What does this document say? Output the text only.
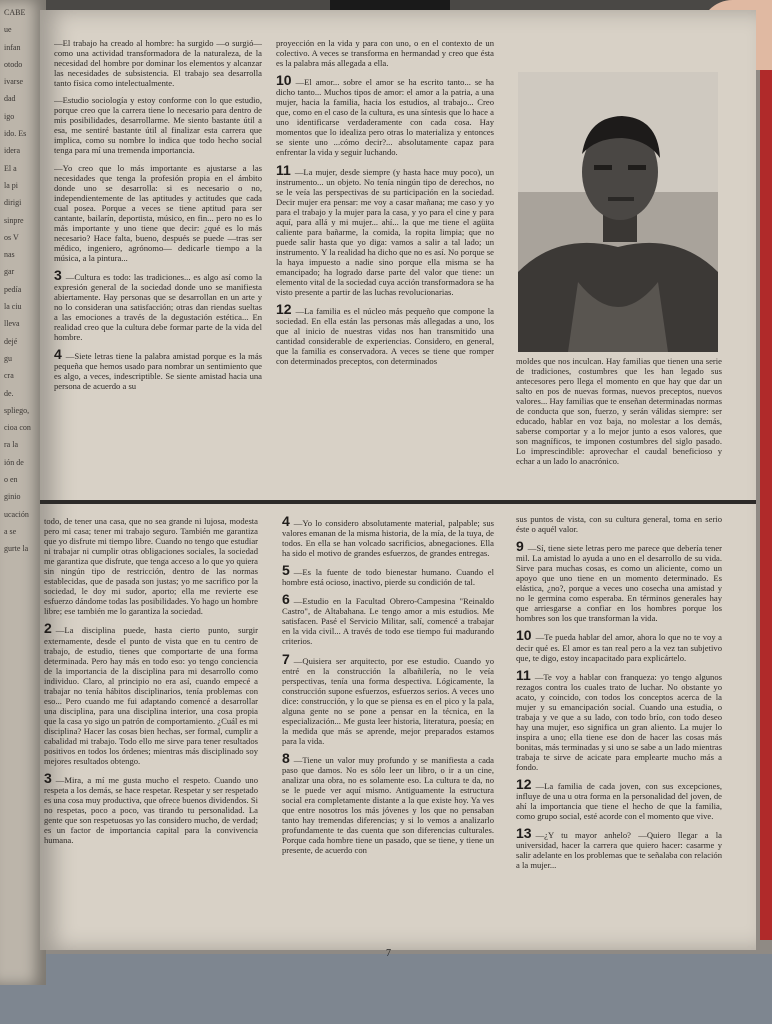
CABE

ue

infan

otodo

ivarse

dad

igo

ido. Es

idera

El a

la pi

dirigi

sinpre

os V

nas

gar

pedía

la ciu

lleva

dejé

gu

cra

de.

spliego,

cioa con

ra la

ión de

o en

ginio

ucación

a se

gurte la

—El trabajo ha creado al hombre: ha surgido —o surgió— como una actividad transformadora de la naturaleza, de la necesidad del hombre por dominar los elementos y alcanzar las necesidades de subsistencia. El trabajo sea desarrolla tanto física como intelectualmente.

—Estudio sociología y estoy conforme con lo que estudio, porque creo que la carrera tiene lo necesario para dentro de mis posibilidades, desarrollarme. Me siento bastante útil a esa, me sentiré bastante útil al finalizar esta carrera que implica, como su nombre lo indica que todo hecho social tenga para mí una tremenda importancia.

—Yo creo que lo más importante es ajustarse a las necesidades que tenga la profesión propia en el ámbito donde uno se desarrolla: si es necesario o no, independientemente de las aptitudes y actitudes que cada cual posea. Porque a veces se tiene aptitud para ser cantante, bailarín, deportista, músico, en fin... pero no es lo más importante y uno tiene que decir: ¿qué es lo más necesario? Hace falta, bueno, después se puede —tras ser médico, ingeniero, agrónomo— dedicarle tiempo a la música, a la pintura...

3 —Cultura es todo: las tradiciones... es algo así como la expresión general de la sociedad donde uno se manifiesta abiertamente. Hay personas que se desarrollan en un arte y no lo consideran una satisfacción; otras dan riendas sueltas a las emociones a través de la degustación estética... En realidad creo que la cultura debe formar parte de la vida del hombre.

4 —Siete letras tiene la palabra amistad porque es la más pequeña que hemos usado para nombrar un sentimiento que es algo, a veces, indescriptible. Se siente amistad hacia una persona de acuerdo a su

proyección en la vida y para con uno, o en el contexto de un colectivo. A veces se transforma en hermandad y creo que ésta es la palabra más allegada a ella.

10 —El amor... sobre el amor se ha escrito tanto... se ha dicho tanto... Muchos tipos de amor: el amor a la patria, a una mujer, hacia la familia, hacia los estudios, al trabajo... Creo que, como en el caso de la cultura, es una síntesis que lo hace a uno identificarse verdaderamente con cada cosa. Hay momentos que lo idealiza pero otras lo materializa y entonces se siente uno ...cómo decir?... absolutamente capaz para enfrentar la vida y seguir luchando.

11 —La mujer, desde siempre (y hasta hace muy poco), un instrumento... un objeto. No tenía ningún tipo de derechos, no se le veía las perspectivas de su participación en la sociedad. Decir mujer era pensar: me voy a casar mañana; me caso y yo para el trabajo y la mujer para la casa, y yo para el cine y para aquí, para allá y mi mujer... ahí... la que me tiene el agüita caliente para bañarme, la comida, la ropita limpia; que no puede salir hasta que yo diga: vamos a salir a tal lado; un instrumento. Y la realidad ha dicho que no es así. No porque se la haya impuesto a nadie sino porque ella misma se ha emancipado; ha logrado darse parte del valor que tiene: un elemento vital de la sociedad cuya acción transformadora se ha visto presente a partir de las luchas revolucionarias.

12 —La familia es el núcleo más pequeño que compone la sociedad. En ella están las personas más allegadas a uno, los que al inicio de nuestras vidas nos han transmitido una cantidad considerable de experiencias. Considero, en general, que la familia es conservadora. A veces se tiene que romper con determinados preceptos, con determinados	moldes que nos inculcan. Hay familias que tienen una serie de tradiciones, costumbres que les han legado sus antecesores pero llega el momento en que hay que dar un salto en pos de nuevas formas, nuevos preceptos, nuevos valores... Hay familias que te enseñan determinadas normas de conducta que son, fuerzo, y serán válidas siempre: ser educado, hablar en voz baja, no molestar a los demás, saberse comportar y a lo mejor junto a esos valores, que son magníficos, te imponen costumbres del siglo pasado. Lo imprescindible: aprovechar el caudal beneficioso y echar a un lado lo anacrónico.

todo, de tener una casa, que no sea grande ni lujosa, modesta pero mi casa; tener mi trabajo seguro. También me garantiza que yo disfrute mi tiempo libre. Cuando no tengo que estudiar ni trabajar ni cumplir otras obligaciones sociales, la sociedad me garantiza que disfrute, que tenga acceso a lo que yo quiera sin ningún tipo de restricción, dentro de las normas establecidas, que de pasada son justas; yo me sacrifico por la sociedad, le doy mi sudor, aporto; ella me revierte ese esfuerzo dándome todas las posibilidades. Yo hago un hombre libre; ese también me lo garantiza la sociedad.

2 —La disciplina puede, hasta cierto punto, surgir externamente, desde el punto de vista que en tu centro de trabajo, de estudio, tienes que comportarte de una forma determinada. Pero hay más en todo eso: yo tengo conciencia de la importancia de la disciplina para mi desarrollo como individuo. Claro, al principio no era así, cuando empecé a trabajar no tenía hábitos disciplinarios, tenía problemas con eso... Pero cuando me fui adaptando comencé a desarrollar una disciplina, para una disciplina interior, una cosa propia que la casa yo sigo un patrón de comportamiento. ¿Cuál es mi disciplina? Hacer las cosas bien hechas, ser formal, cumplir a cabalidad mi trabajo. Todo ello me sirve para tener resultados positivos en todos los órdenes; mientras más disciplinado soy mejores resultados obtengo.

3 —Mira, a mí me gusta mucho el respeto. Cuando uno respeta a los demás, se hace respetar. Respetar y ser respetado es una cosa muy productiva, que ofrece buenos dividendos. Si no respetas, poco a poco, vas tirando tu personalidad. La gente que son respetuosas yo las considero mucho, de verdad; es un factor de importancia capital para la convivencia humana.

4 —Yo lo considero absolutamente material, palpable; sus valores emanan de la misma historia, de la mía, de la tuya, de todos. En ella se han volcado sacrificios, abnegaciones. Ella ha sido el motivo de grandes esfuerzos, de grandes entregas.

5 —Es la fuente de todo bienestar humano. Cuando el hombre está ocioso, inactivo, pierde su condición de tal.

6 —Estudio en la Facultad Obrero-Campesina "Reinaldo Castro", de Altabahana. Le tengo amor a mis estudios. Me satisfacen. Pasé el Servicio Militar, salí, comencé a trabajar en la vida civil... A través de todo ese tiempo fui madurando criterios.

7 —Quisiera ser arquitecto, por ese estudio. Cuando yo entré en la construcción la albañilería, no le veía perspectivas, tenía una forma despectiva. Lógicamente, la construcción supone esfuerzos, esfuerzos serios. A veces uno dice: construcción, y lo que se piensa es en el pico y la pala, alguna gente no se pone a pensar en la técnica, en la especialización... Me gusta leer historia, literatura, poesía; en la medida que más se aprende, mejor preparados estamos para la vida.

8 —Tiene un valor muy profundo y se manifiesta a cada paso que damos. No es sólo leer un libro, o ir a un cine, analizar una obra, no es solamente eso. La cultura te da, no se le puede ver aquí mismo. Antiguamente la estructura social era completamente distante a la que existe hoy. Ya ves que entre nosotros los más jóvenes y los que no pensaban tanto hay tremendas diferencias; y si lo vemos a analizarlo profundamente te das cuenta que son diferencias culturales. Porque cada hombre tiene un pasado, que se tiene, y tiene un presente, de acuerdo con

sus puntos de vista, con su cultura general, toma en serio éste o aquél valor.

9 —Sí, tiene siete letras pero me parece que debería tener mil. La amistad lo ayuda a uno en el desarrollo de su vida. Sirve para muchas cosas, es como un aliciente, como un apoyo que uno tiene en un momento determinado. Es elástica, ¿no?, porque a veces uno cosecha una amistad y no le germina como esperaba. En términos generales hay que arriesgarse a confiar en los hombres porque los hombres son los que transforman la vida.

10 —Te pueda hablar del amor, ahora lo que no te voy a decir qué es. El amor es tan real pero a la vez tan subjetivo que, te digo, estoy incapacitado para explicártelo.

11 —Te voy a hablar con franqueza: yo tengo algunos rezagos contra los cuales trato de luchar. No obstante yo acato, y coincido, con todos los conceptos acerca de la mujer y su emancipación social. Cuando una estudia, o trabaja y ve que a su lado, con todo brío, con todo deseo hay una mujer, eso significa un gran aliento. La mujer lo inspira a uno; ella tiene ese don de hacer las cosas más bonitas, más terminadas y si uno se sabe a un lado mientras trabaja te sirve de acicate para emplearte mucho más a fondo.

12 —La familia de cada joven, con sus excepciones, influye de una u otra forma en la personalidad del joven, de ahí la importancia que tiene el hecho de que la familia, como grupo social, esté acorde con el momento que vive.

13 —¿Y tu mayor anhelo? —Quiero llegar a la universidad, hacer la carrera que quiero hacer: casarme y salir adelante en los problemas que te señalaba con relación a la mujer...

7
